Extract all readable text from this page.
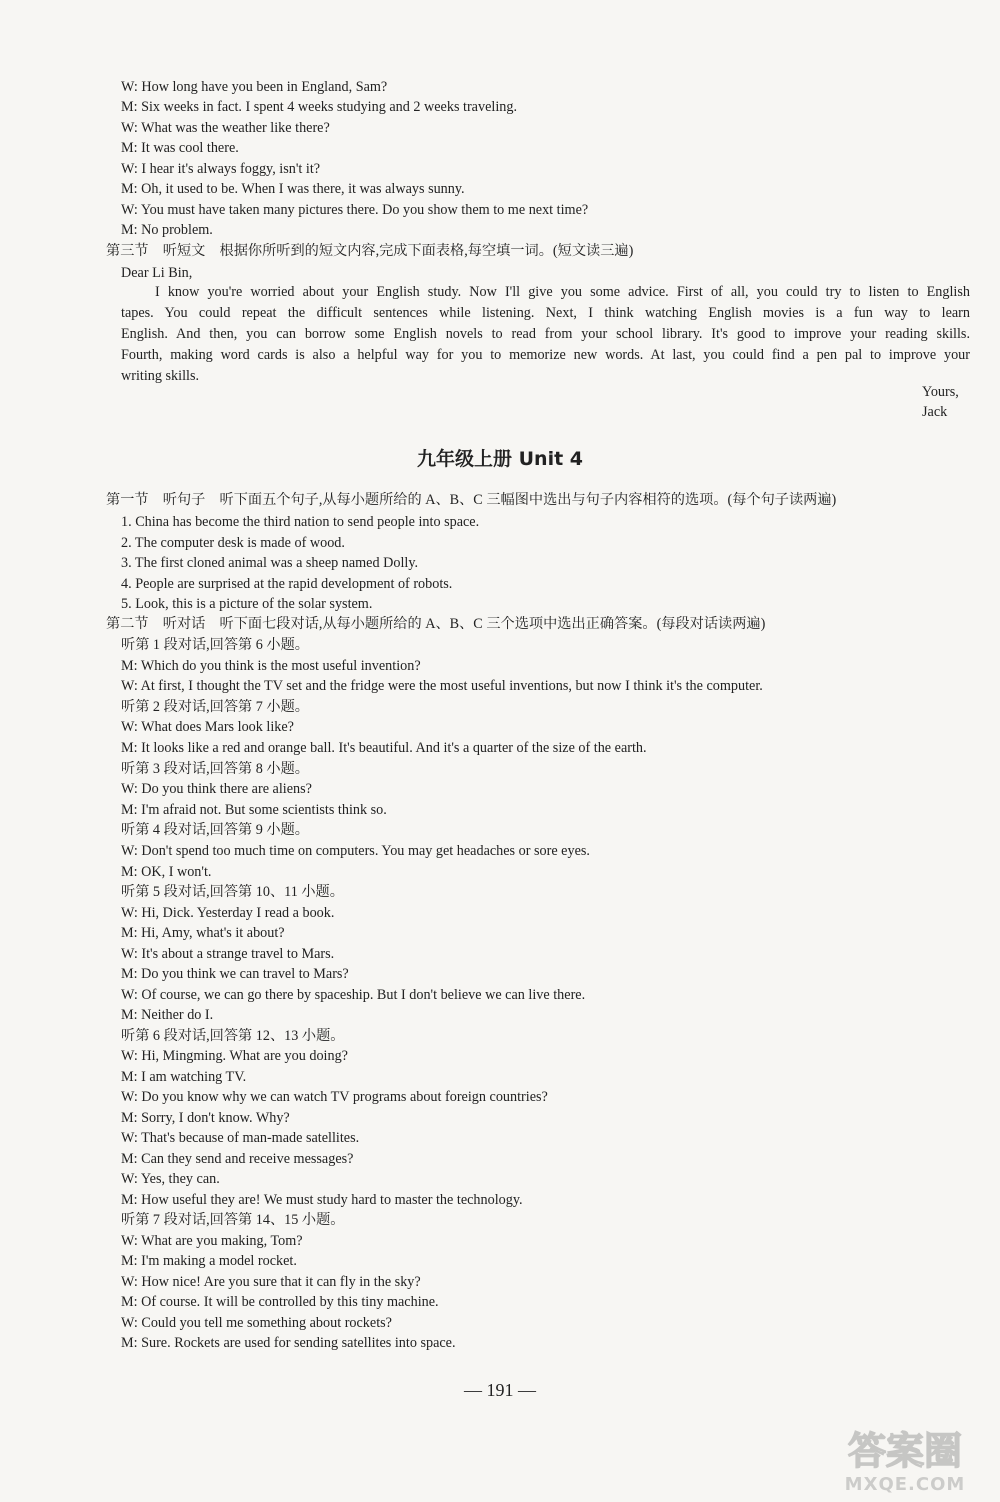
W: How long have you been in England, Sam?
M: Six weeks in fact. I spent 4 weeks studying and 2 weeks traveling.
W: What was the weather like there?
M: It was cool there.
W: I hear it's always foggy, isn't it?
M: Oh, it used to be. When I was there, it was always sunny.
W: You must have taken many pictures there. Do you show them to me next time?
M: No problem.
第三节　听短文　根据你所听到的短文内容,完成下面表格,每空填一词。(短文读三遍)
Dear Li Bin,
I know you're worried about your English study. Now I'll give you some advice. First of all, you could try to listen to English
tapes. You could repeat the difficult sentences while listening. Next, I think watching English movies is a fun way to learn
English. And then, you can borrow some English novels to read from your school library. It's good to improve your reading skills.
Fourth, making word cards is also a helpful way for you to memorize new words. At last, you could find a pen pal to improve your
writing skills.
Yours,
Jack
九年级上册 Unit 4
第一节　听句子　听下面五个句子,从每小题所给的 A、B、C 三幅图中选出与句子内容相符的选项。(每个句子读两遍)
1. China has become the third nation to send people into space.
2. The computer desk is made of wood.
3. The first cloned animal was a sheep named Dolly.
4. People are surprised at the rapid development of robots.
5. Look, this is a picture of the solar system.
第二节　听对话　听下面七段对话,从每小题所给的 A、B、C 三个选项中选出正确答案。(每段对话读两遍)
听第 1 段对话,回答第 6 小题。
M: Which do you think is the most useful invention?
W: At first, I thought the TV set and the fridge were the most useful inventions, but now I think it's the computer.
听第 2 段对话,回答第 7 小题。
W: What does Mars look like?
M: It looks like a red and orange ball. It's beautiful. And it's a quarter of the size of the earth.
听第 3 段对话,回答第 8 小题。
W: Do you think there are aliens?
M: I'm afraid not. But some scientists think so.
听第 4 段对话,回答第 9 小题。
W: Don't spend too much time on computers. You may get headaches or sore eyes.
M: OK, I won't.
听第 5 段对话,回答第 10、11 小题。
W: Hi, Dick. Yesterday I read a book.
M: Hi, Amy, what's it about?
W: It's about a strange travel to Mars.
M: Do you think we can travel to Mars?
W: Of course, we can go there by spaceship. But I don't believe we can live there.
M: Neither do I.
听第 6 段对话,回答第 12、13 小题。
W: Hi, Mingming. What are you doing?
M: I am watching TV.
W: Do you know why we can watch TV programs about foreign countries?
M: Sorry, I don't know. Why?
W: That's because of man-made satellites.
M: Can they send and receive messages?
W: Yes, they can.
M: How useful they are! We must study hard to master the technology.
听第 7 段对话,回答第 14、15 小题。
W: What are you making, Tom?
M: I'm making a model rocket.
W: How nice! Are you sure that it can fly in the sky?
M: Of course. It will be controlled by this tiny machine.
W: Could you tell me something about rockets?
M: Sure. Rockets are used for sending satellites into space.
— 191 —
答案圈
MXQE.COM
